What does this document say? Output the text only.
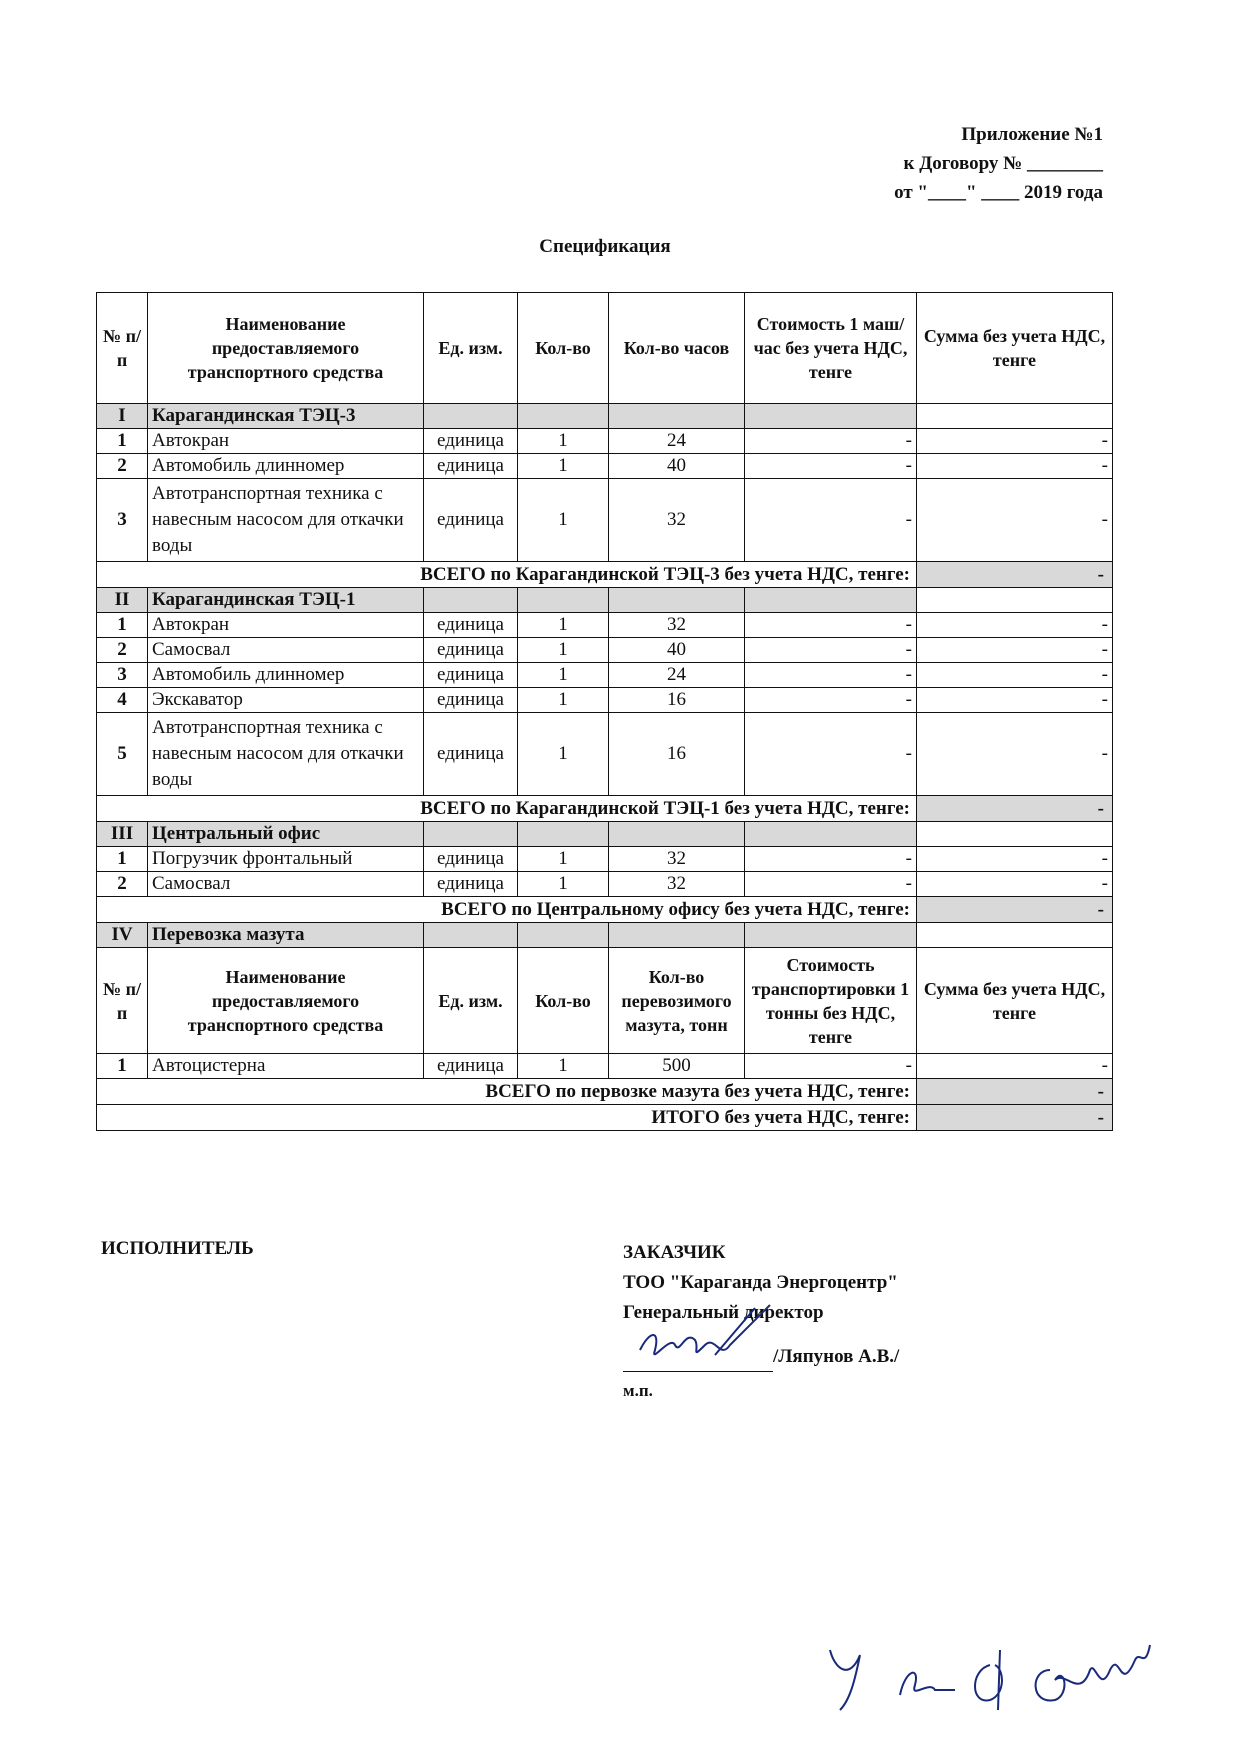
Приложение №1
к Договору № ________
от "____" ____ 2019 года
Спецификация
№ п/п	Наименование предоставляемого транспортного средства	Ед. изм.	Кол-во	Кол-во часов	Стоимость 1 маш/час без учета НДС, тенге	Сумма без учета НДС, тенге
I	Карагандинская ТЭЦ-3					
1	Автокран	единица	1	24	-	-
2	Автомобиль длинномер	единица	1	40	-	-
3	Автотранспортная техника с навесным насосом для откачки воды	единица	1	32	-	-
ВСЕГО по Карагандинской ТЭЦ-3 без учета НДС, тенге:						-
II	Карагандинская ТЭЦ-1					
1	Автокран	единица	1	32	-	-
2	Самосвал	единица	1	40	-	-
3	Автомобиль длинномер	единица	1	24	-	-
4	Экскаватор	единица	1	16	-	-
5	Автотранспортная техника с навесным насосом для откачки воды	единица	1	16	-	-
ВСЕГО по Карагандинской ТЭЦ-1 без учета НДС, тенге:						-
III	Центральный офис					
1	Погрузчик фронтальный	единица	1	32	-	-
2	Самосвал	единица	1	32	-	-
ВСЕГО по Центральному офису без учета НДС, тенге:						-
IV	Перевозка мазута					
№ п/п	Наименование предоставляемого транспортного средства	Ед. изм.	Кол-во	Кол-во перевозимого мазута, тонн	Стоимость транспортировки 1 тонны без НДС, тенге	Сумма без учета НДС, тенге
1	Автоцистерна	единица	1	500	-	-
ВСЕГО по первозке мазута без учета НДС, тенге:						-
ИТОГО без учета НДС, тенге:						-
ИСПОЛНИТЕЛЬ	ЗАКАЗЧИК
ТОО "Караганда Энергоцентр"
Генеральный директор
/Ляпунов А.В./
м.п.
